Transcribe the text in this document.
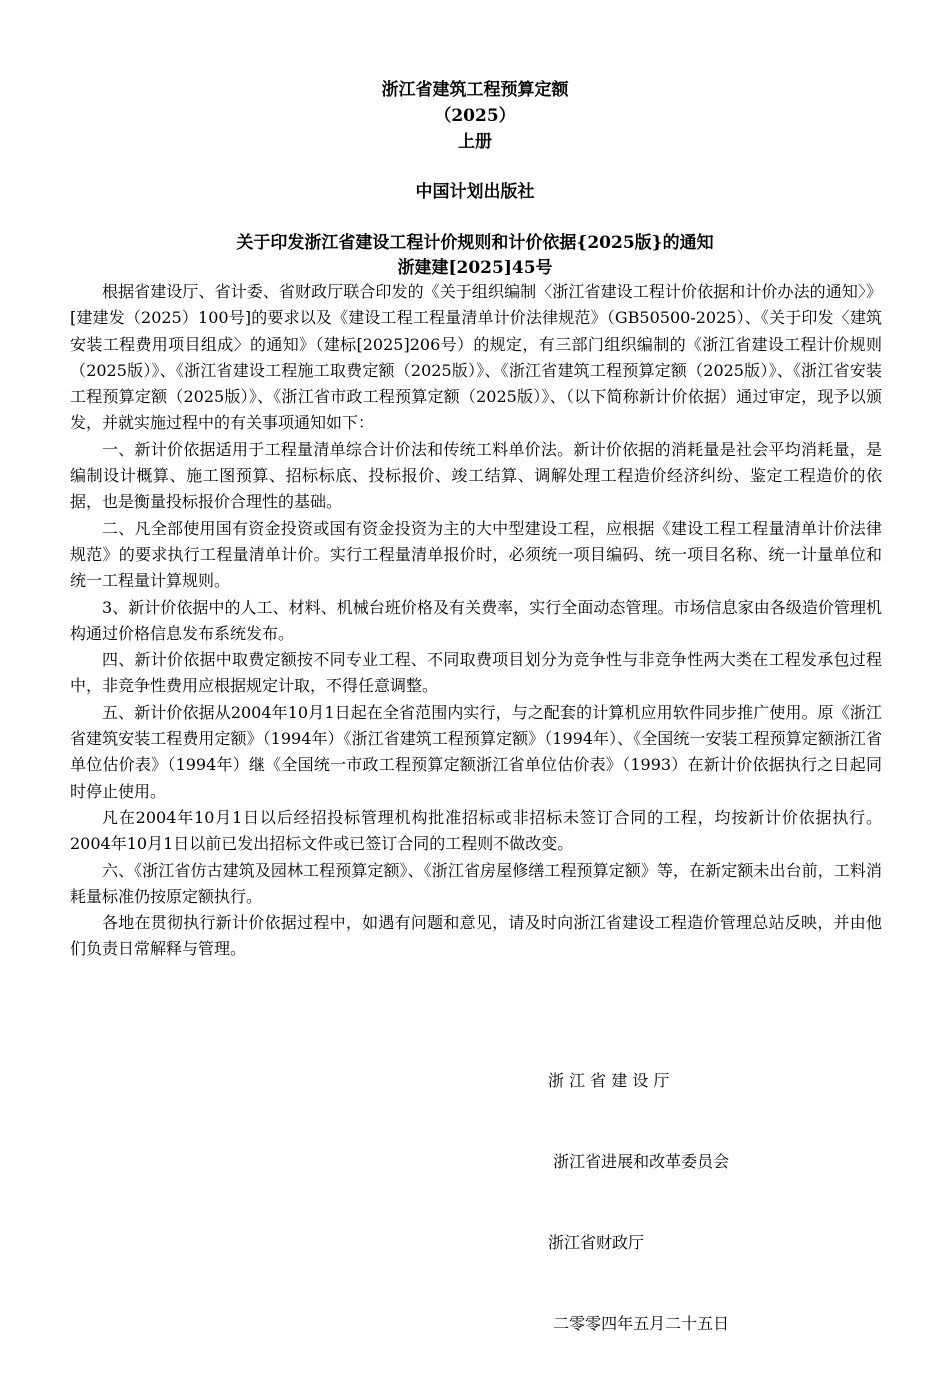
浙江省建筑工程预算定额
（2025）
上册
中国计划出版社
关于印发浙江省建设工程计价规则和计价依据{2025版}的通知
浙建建[2025]45号

根据省建设厅、省计委、省财政厅联合印发的《关于组织编制〈浙江省建设工程计价依据和计价办法的通知〉》[建建发（2025）100号]的要求以及《建设工程工程量清单计价法律规范》（GB50500-2025）、《关于印发〈建筑安装工程费用项目组成〉的通知》（建标[2025]206号）的规定，有三部门组织编制的《浙江省建设工程计价规则（2025版）》、《浙江省建设工程施工取费定额（2025版）》、《浙江省建筑工程预算定额（2025版）》、《浙江省安装工程预算定额（2025版）》、《浙江省市政工程预算定额（2025版）》、（以下简称新计价依据）通过审定，现予以颁发，并就实施过程中的有关事项通知如下：

一、新计价依据适用于工程量清单综合计价法和传统工料单价法。新计价依据的消耗量是社会平均消耗量，是编制设计概算、施工图预算、招标标底、投标报价、竣工结算、调解处理工程造价经济纠纷、鉴定工程造价的依据，也是衡量投标报价合理性的基础。

二、凡全部使用国有资金投资或国有资金投资为主的大中型建设工程，应根据《建设工程工程量清单计价法律规范》的要求执行工程量清单计价。实行工程量清单报价时，必须统一项目编码、统一项目名称、统一计量单位和统一工程量计算规则。

3、新计价依据中的人工、材料、机械台班价格及有关费率，实行全面动态管理。市场信息家由各级造价管理机构通过价格信息发布系统发布。

四、新计价依据中取费定额按不同专业工程、不同取费项目划分为竞争性与非竞争性两大类在工程发承包过程中，非竞争性费用应根据规定计取，不得任意调整。

五、新计价依据从2004年10月1日起在全省范围内实行，与之配套的计算机应用软件同步推广使用。原《浙江省建筑安装工程费用定额》（1994年）《浙江省建筑工程预算定额》（1994年）、《全国统一安装工程预算定额浙江省单位估价表》（1994年）继《全国统一市政工程预算定额浙江省单位估价表》（1993）在新计价依据执行之日起同时停止使用。

凡在2004年10月1日以后经招投标管理机构批准招标或非招标未签订合同的工程，均按新计价依据执行。2004年10月1日以前已发出招标文件或已签订合同的工程则不做改变。

六、《浙江省仿古建筑及园林工程预算定额》、《浙江省房屋修缮工程预算定额》等，在新定额未出台前，工料消耗量标准仍按原定额执行。

各地在贯彻执行新计价依据过程中，如遇有问题和意见，请及时向浙江省建设工程造价管理总站反映，并由他们负责日常解释与管理。

浙 江 省 建 设 厅

浙江省进展和改革委员会

浙江省财政厅

二零零四年五月二十五日
